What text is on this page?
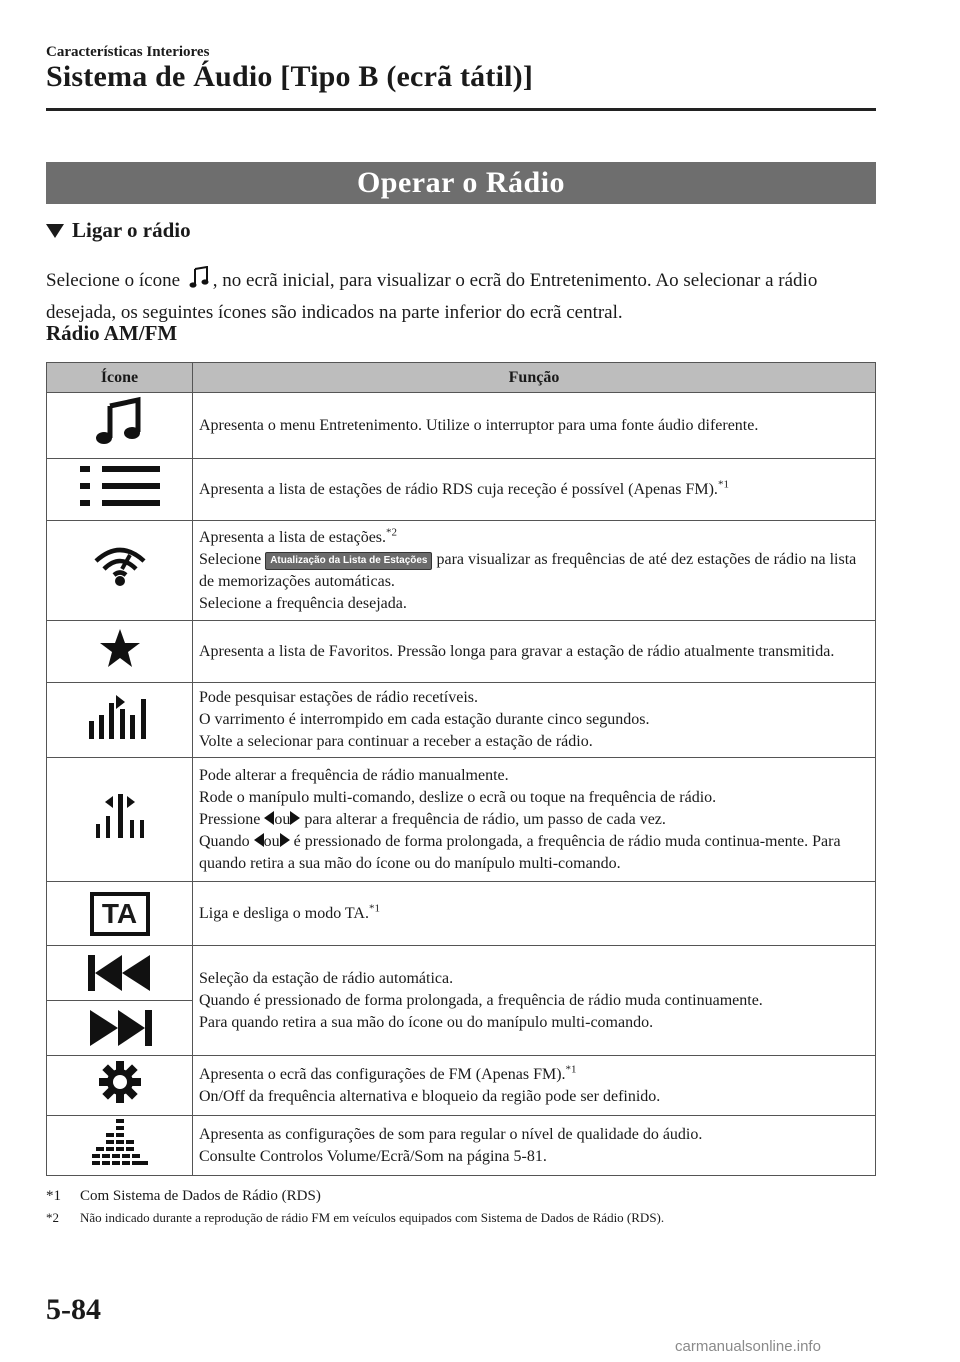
Características Interiores
Sistema de Áudio [Tipo B (ecrã tátil)]
Operar o Rádio
Ligar o rádio
Selecione o ícone , no ecrã inicial, para visualizar o ecrã do Entretenimento. Ao selecionar a rádio desejada, os seguintes ícones são indicados na parte inferior do ecrã central.
Rádio AM/FM
Ícone	Função
	Apresenta o menu Entretenimento. Utilize o interruptor para uma fonte áudio diferente.
	Apresenta a lista de estações de rádio RDS cuja receção é possível (Apenas FM).$^{*1}$

Apresenta a lista de estações.$^{*2}$
Selecione Atualização da Lista de Estações para visualizar as frequências de até dez estações de rádio na lista de memorizações automáticas.
Selecione a frequência desejada.

	Apresenta a lista de Favoritos. Pressão longa para gravar a estação de rádio atualmente transmitida.

Pode pesquisar estações de rádio recetíveis.
O varrimento é interrompido em cada estação durante cinco segundos.
Volte a selecionar para continuar a receber a estação de rádio.

Pode alterar a frequência de rádio manualmente.
Rode o manípulo multi-comando, deslize o ecrã ou toque na frequência de rádio.
Pressione ou para alterar a frequência de rádio, um passo de cada vez.
Quando ou é pressionado de forma prolongada, a frequência de rádio muda continua-mente. Para quando retira a sua mão do ícone ou do manípulo multi-comando.

TA	Liga e desliga o modo TA.$^{*1}$

Seleção da estação de rádio automática.
Quando é pressionado de forma prolongada, a frequência de rádio muda continuamente.
Para quando retira a sua mão do ícone ou do manípulo multi-comando.

Apresenta o ecrã das configurações de FM (Apenas FM).$^{*1}$
On/Off da frequência alternativa e bloqueio da região pode ser definido.

Apresenta as configurações de som para regular o nível de qualidade do áudio.
Consulte Controlos Volume/Ecrã/Som na página 5-81.
*1	Com Sistema de Dados de Rádio (RDS)
*2	Não indicado durante a reprodução de rádio FM em veículos equipados com Sistema de Dados de Rádio (RDS).
5-84
carmanualsonline.info
